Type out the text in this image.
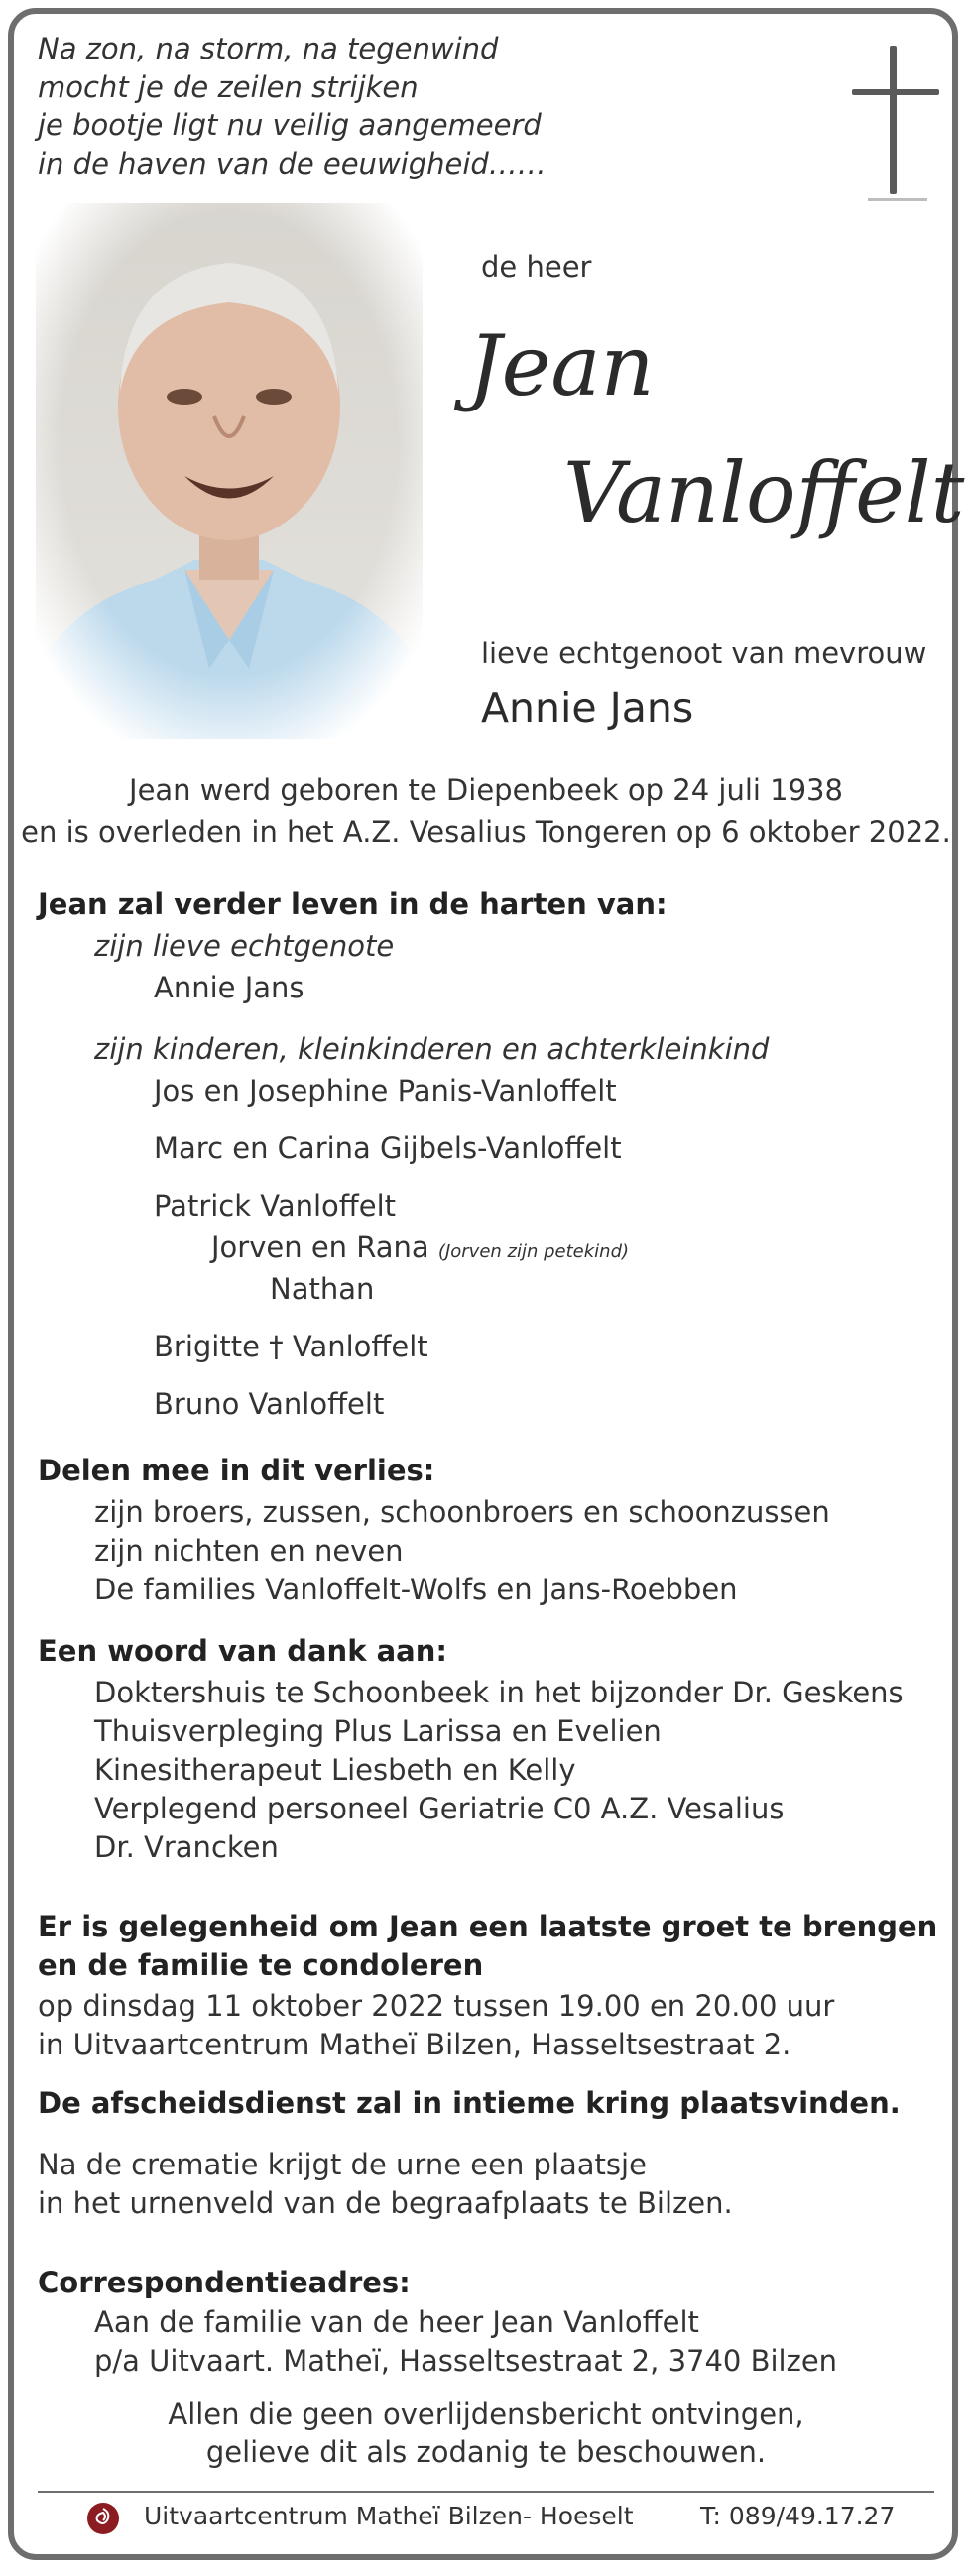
Na zon, na storm, na tegenwind
mocht je de zeilen strijken
je bootje ligt nu veilig aangemeerd
in de haven van de eeuwigheid……
de heer
Jean
Vanloffelt
lieve echtgenoot van mevrouw
Annie Jans
Jean werd geboren te Diepenbeek op 24 juli 1938
en is overleden in het A.Z. Vesalius Tongeren op 6 oktober 2022.
Jean zal verder leven in de harten van:
zijn lieve echtgenote
Annie Jans
zijn kinderen, kleinkinderen en achterkleinkind
Jos en Josephine Panis-Vanloffelt
Marc en Carina Gijbels-Vanloffelt
Patrick Vanloffelt
Jorven en Rana (Jorven zijn petekind)
Nathan
Brigitte † Vanloffelt
Bruno Vanloffelt
Delen mee in dit verlies:
zijn broers, zussen, schoonbroers en schoonzussen
zijn nichten en neven
De families Vanloffelt-Wolfs en Jans-Roebben
Een woord van dank aan:
Doktershuis te Schoonbeek in het bijzonder Dr. Geskens
Thuisverpleging Plus Larissa en Evelien
Kinesitherapeut Liesbeth en Kelly
Verplegend personeel Geriatrie C0 A.Z. Vesalius
Dr. Vrancken
Er is gelegenheid om Jean een laatste groet te brengen
en de familie te condoleren
op dinsdag 11 oktober 2022 tussen 19.00 en 20.00 uur
in Uitvaartcentrum Matheï Bilzen, Hasseltsestraat 2.
De afscheidsdienst zal in intieme kring plaatsvinden.
Na de crematie krijgt de urne een plaatsje
in het urnenveld van de begraafplaats te Bilzen.
Correspondentieadres:
Aan de familie van de heer Jean Vanloffelt
p/a Uitvaart. Matheï, Hasseltsestraat 2, 3740 Bilzen
Allen die geen overlijdensbericht ontvingen,
gelieve dit als zodanig te beschouwen.
Uitvaartcentrum Matheï Bilzen- Hoeselt	T: 089/49.17.27
